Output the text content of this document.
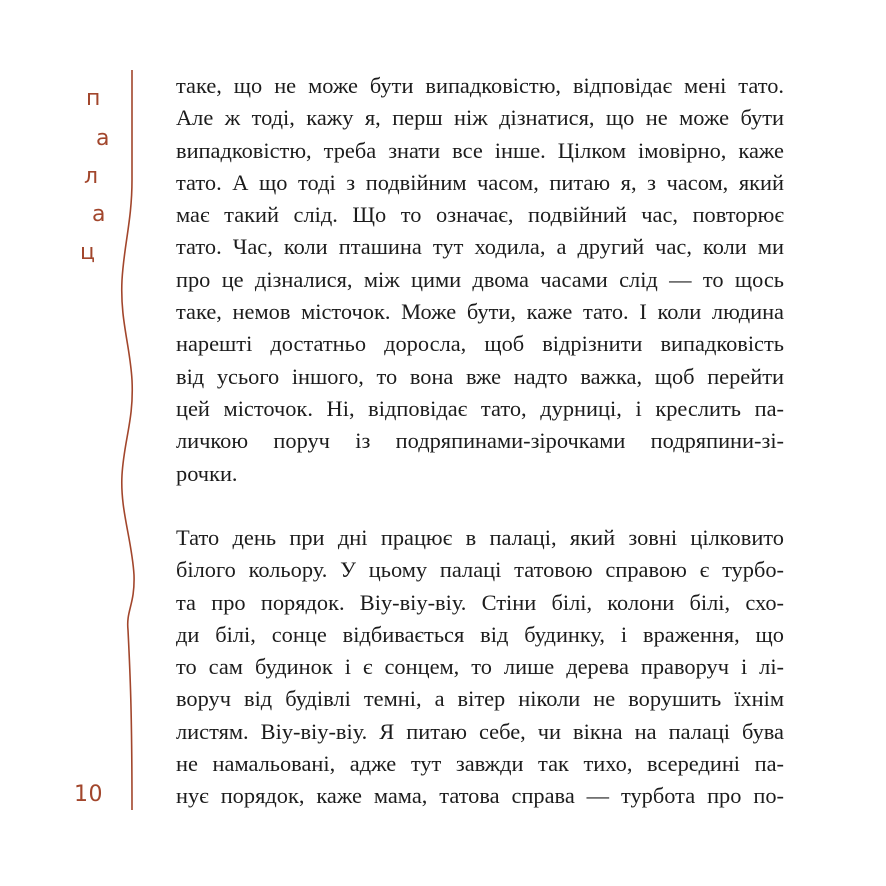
п
а
л
а
ц
10
таке, що не може бути випадковістю, відповідає мені тато.
Але ж тоді, кажу я, перш ніж дізнатися, що не може бути
випадковістю, треба знати все інше. Цілком імовірно, каже
тато. А що тоді з подвійним часом, питаю я, з часом, який
має такий слід. Що то означає, подвійний час, повторює
тато. Час, коли пташина тут ходила, а другий час, коли ми
про це дізналися, між цими двома часами слід — то щось
таке, немов місточок. Може бути, каже тато. І коли людина
нарешті достатньо доросла, щоб відрізнити випадковість
від усього іншого, то вона вже надто важка, щоб перейти
цей місточок. Ні, відповідає тато, дурниці, і креслить па-
личкою поруч із подряпинами-зірочками подряпини-зі-
рочки.
Тато день при дні працює в палаці, який зовні цілковито
білого кольору. У цьому палаці татовою справою є турбо-
та про порядок. Віу-віу-віу. Стіни білі, колони білі, схо-
ди білі, сонце відбивається від будинку, і враження, що
то сам будинок і є сонцем, то лише дерева праворуч і лі-
воруч від будівлі темні, а вітер ніколи не ворушить їхнім
листям. Віу-віу-віу. Я питаю себе, чи вікна на палаці бува
не намальовані, адже тут завжди так тихо, всередині па-
нує порядок, каже мама, татова справа — турбота про по-
